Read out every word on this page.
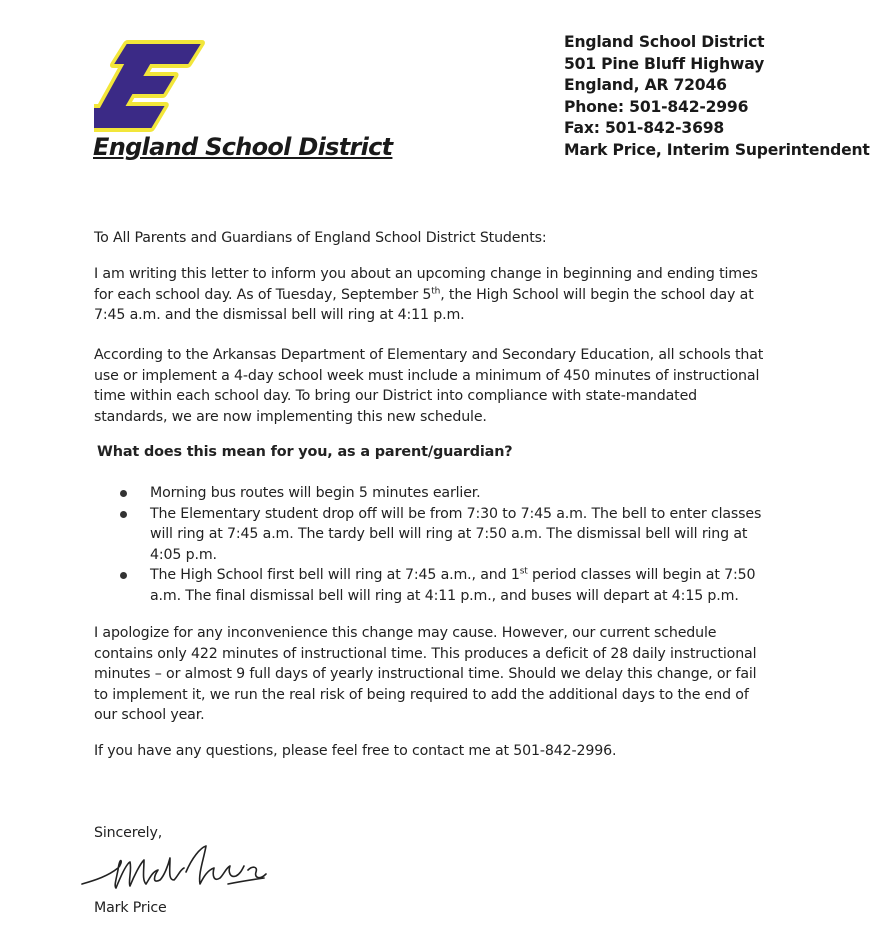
E
England School District
England School District
501 Pine Bluff Highway
England, AR 72046
Phone: 501-842-2996
Fax: 501-842-3698
Mark Price, Interim Superintendent

To All Parents and Guardians of England School District Students:

I am writing this letter to inform you about an upcoming change in beginning and ending times for each school day. As of Tuesday, September 5th, the High School will begin the school day at 7:45 a.m. and the dismissal bell will ring at 4:11 p.m.

According to the Arkansas Department of Elementary and Secondary Education, all schools that use or implement a 4-day school week must include a minimum of 450 minutes of instructional time within each school day. To bring our District into compliance with state-mandated standards, we are now implementing this new schedule.

What does this mean for you, as a parent/guardian?

Morning bus routes will begin 5 minutes earlier.
The Elementary student drop off will be from 7:30 to 7:45 a.m. The bell to enter classes will ring at 7:45 a.m. The tardy bell will ring at 7:50 a.m. The dismissal bell will ring at 4:05 p.m.
The High School first bell will ring at 7:45 a.m., and 1st period classes will begin at 7:50 a.m. The final dismissal bell will ring at 4:11 p.m., and buses will depart at 4:15 p.m.

I apologize for any inconvenience this change may cause. However, our current schedule contains only 422 minutes of instructional time. This produces a deficit of 28 daily instructional minutes – or almost 9 full days of yearly instructional time. Should we delay this change, or fail to implement it, we run the real risk of being required to add the additional days to the end of our school year.

If you have any questions, please feel free to contact me at 501-842-2996.

Sincerely,

Mark Price
